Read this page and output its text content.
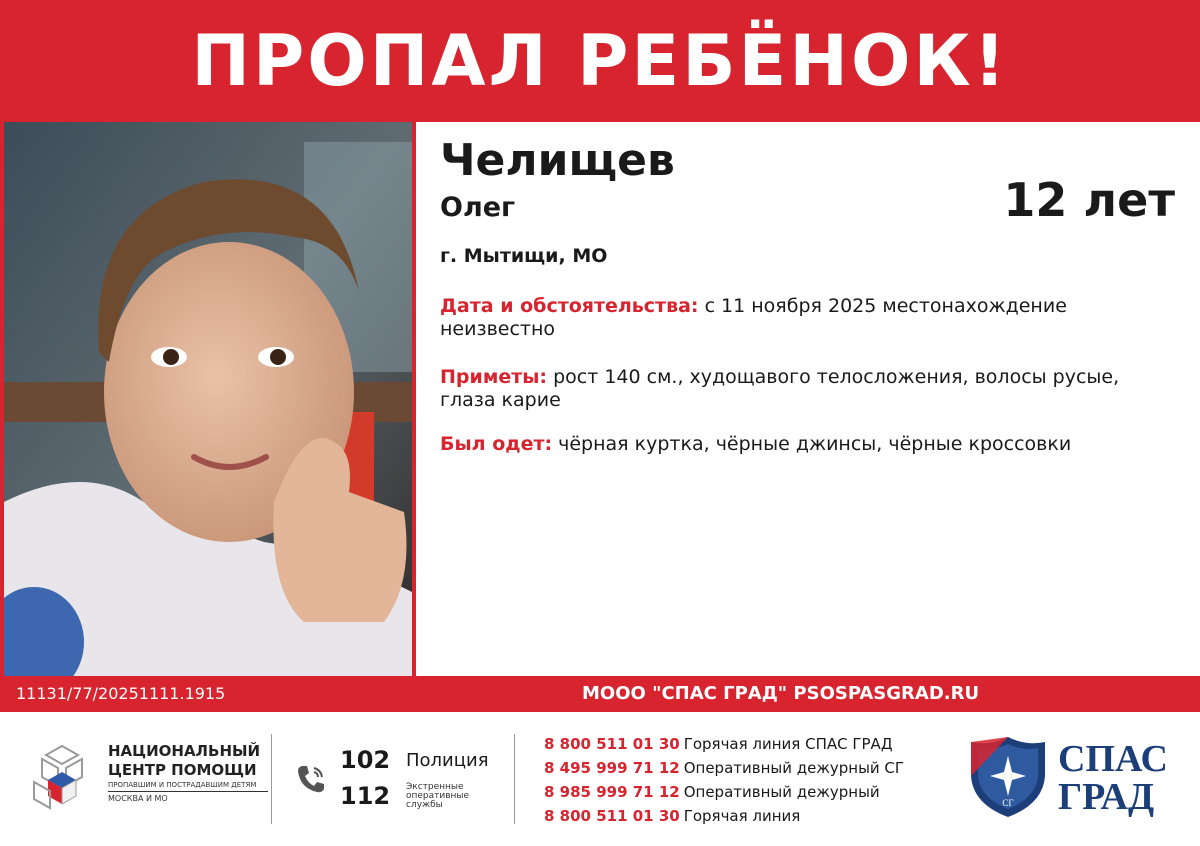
ПРОПАЛ РЕБЁНОК!
Челищев
Олег	12 лет
г. Мытищи, МО
Дата и обстоятельства: с 11 ноября 2025 местонахождение неизвестно
Приметы: рост 140 см., худощавого телосложения, волосы русые, глаза карие
Был одет: чёрная куртка, чёрные джинсы, чёрные кроссовки
11131/77/20251111.1915	МООО "СПАС ГРАД" PSOSPASGRAD.RU
НАЦИОНАЛЬНЫЙ
ЦЕНТР ПОМОЩИ
ПРОПАВШИМ И ПОСТРАДАВШИМ ДЕТЯМ
МОСКВА И МО
102 Полиция
112 Экстренные оперативные службы
8 800 511 01 30 Горячая линия СПАС ГРАД
8 495 999 71 12 Оперативный дежурный СГ
8 985 999 71 12 Оперативный дежурный
8 800 511 01 30 Горячая линия
СГ
СПАС
ГРАД
